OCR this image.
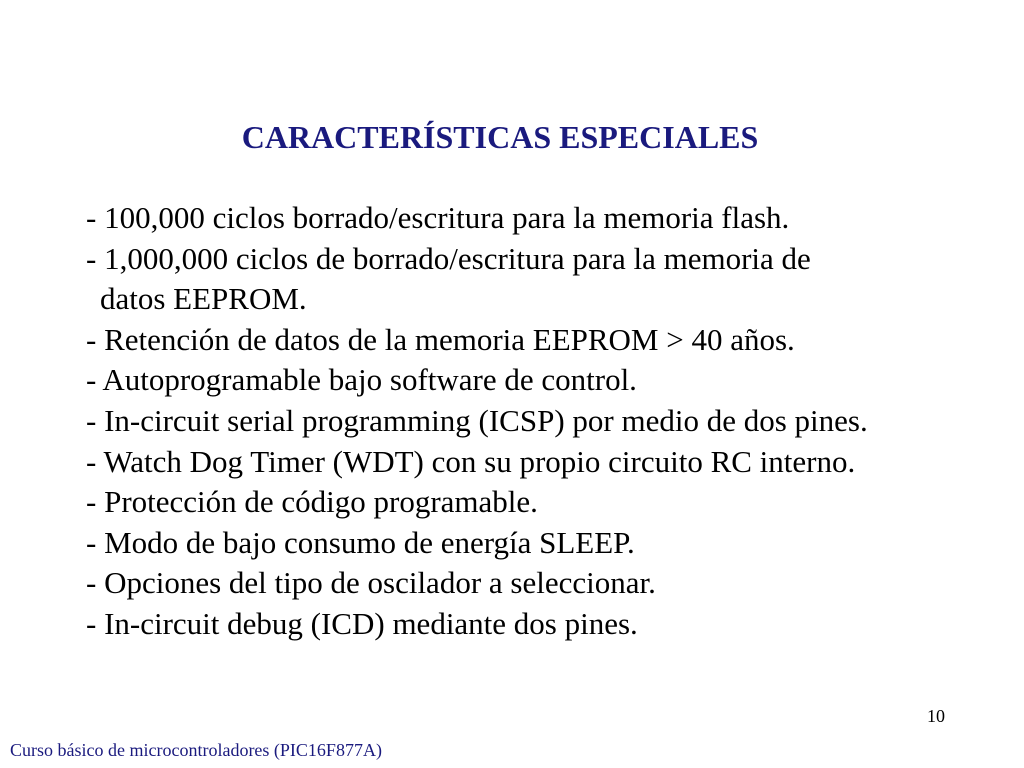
CARACTERÍSTICAS ESPECIALES
- 100,000 ciclos borrado/escritura para la memoria flash.
- 1,000,000 ciclos de borrado/escritura para la memoria de
datos EEPROM.
- Retención de datos de la memoria EEPROM > 40 años.
- Autoprogramable bajo software de control.
- In-circuit serial programming (ICSP) por medio de dos pines.
- Watch Dog Timer (WDT) con su propio circuito RC interno.
- Protección de código programable.
- Modo de bajo consumo de energía SLEEP.
- Opciones del tipo de oscilador a seleccionar.
- In-circuit debug (ICD) mediante dos pines.
10
Curso básico de microcontroladores (PIC16F877A)
